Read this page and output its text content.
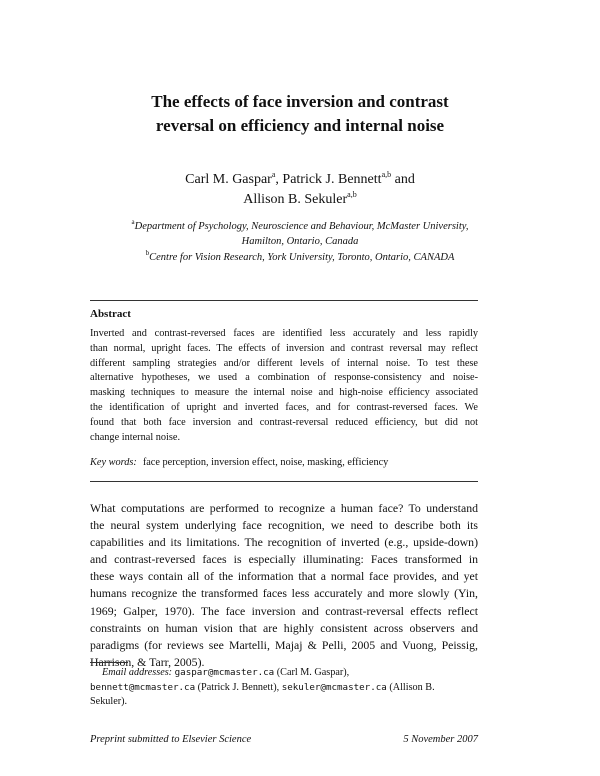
The effects of face inversion and contrast
reversal on efficiency and internal noise
Carl M. Gaspar$^a$, Patrick J. Bennett$^{a,b}$ and
Allison B. Sekuler$^{a,b}$
$^a$Department of Psychology, Neuroscience and Behaviour, McMaster University,
Hamilton, Ontario, Canada
$^b$Centre for Vision Research, York University, Toronto, Ontario, CANADA
Abstract
Inverted and contrast-reversed faces are identified less accurately and less rapidly
than normal, upright faces. The effects of inversion and contrast reversal may reflect
different sampling strategies and/or different levels of internal noise. To test these
alternative hypotheses, we used a combination of response-consistency and noise-
masking techniques to measure the internal noise and high-noise efficiency associated
the identification of upright and inverted faces, and for contrast-reversed faces. We
found that both face inversion and contrast-reversal reduced efficiency, but did not
change internal noise.
Key words: face perception, inversion effect, noise, masking, efficiency
What computations are performed to recognize a human face? To understand
the neural system underlying face recognition, we need to describe both its
capabilities and its limitations. The recognition of inverted (e.g., upside-down)
and contrast-reversed faces is especially illuminating: Faces transformed in
these ways contain all of the information that a normal face provides, and yet
humans recognize the transformed faces less accurately and more slowly (Yin,
1969; Galper, 1970). The face inversion and contrast-reversal effects reflect
constraints on human vision that are highly consistent across observers and
paradigms (for reviews see Martelli, Majaj & Pelli, 2005 and Vuong, Peissig,
Harrison, & Tarr, 2005).
Email addresses: gaspar@mcmaster.ca (Carl M. Gaspar),
bennett@mcmaster.ca (Patrick J. Bennett), sekuler@mcmaster.ca (Allison B.
Sekuler).
Preprint submitted to Elsevier Science	5 November 2007
